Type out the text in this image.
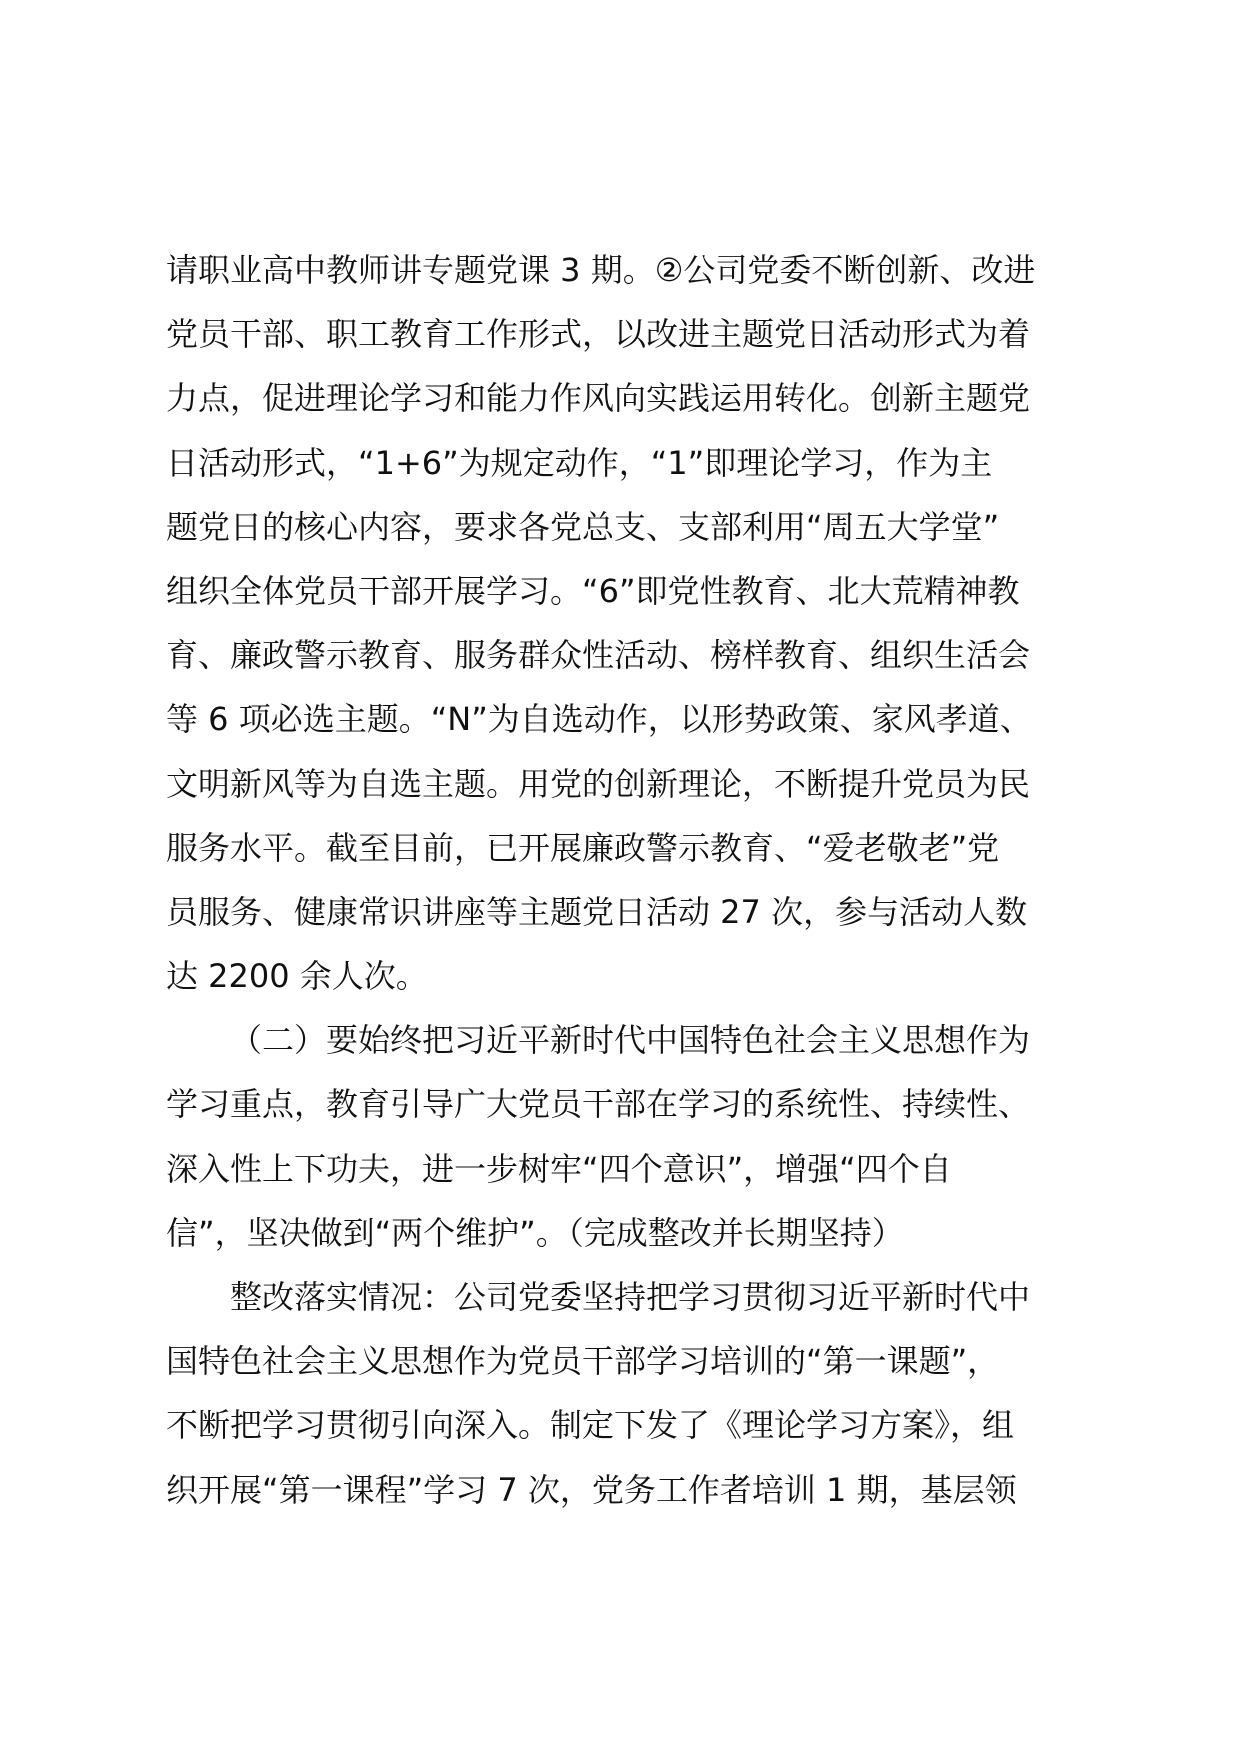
请职业高中教师讲专题党课 3 期。②公司党委不断创新、改进
党员干部、职工教育工作形式，以改进主题党日活动形式为着
力点，促进理论学习和能力作风向实践运用转化。创新主题党
日活动形式，“1+6”为规定动作，“1”即理论学习，作为主
题党日的核心内容，要求各党总支、支部利用“周五大学堂”
组织全体党员干部开展学习。“6”即党性教育、北大荒精神教
育、廉政警示教育、服务群众性活动、榜样教育、组织生活会
等 6 项必选主题。“N”为自选动作，以形势政策、家风孝道、
文明新风等为自选主题。用党的创新理论，不断提升党员为民
服务水平。截至目前，已开展廉政警示教育、“爱老敬老”党
员服务、健康常识讲座等主题党日活动 27 次，参与活动人数
达 2200 余人次。
（二）要始终把习近平新时代中国特色社会主义思想作为
学习重点，教育引导广大党员干部在学习的系统性、持续性、
深入性上下功夫，进一步树牢“四个意识”，增强“四个自
信”，坚决做到“两个维护”。（完成整改并长期坚持）
整改落实情况：公司党委坚持把学习贯彻习近平新时代中
国特色社会主义思想作为党员干部学习培训的“第一课题”，
不断把学习贯彻引向深入。制定下发了《理论学习方案》，组
织开展“第一课程”学习 7 次，党务工作者培训 1 期，基层领
